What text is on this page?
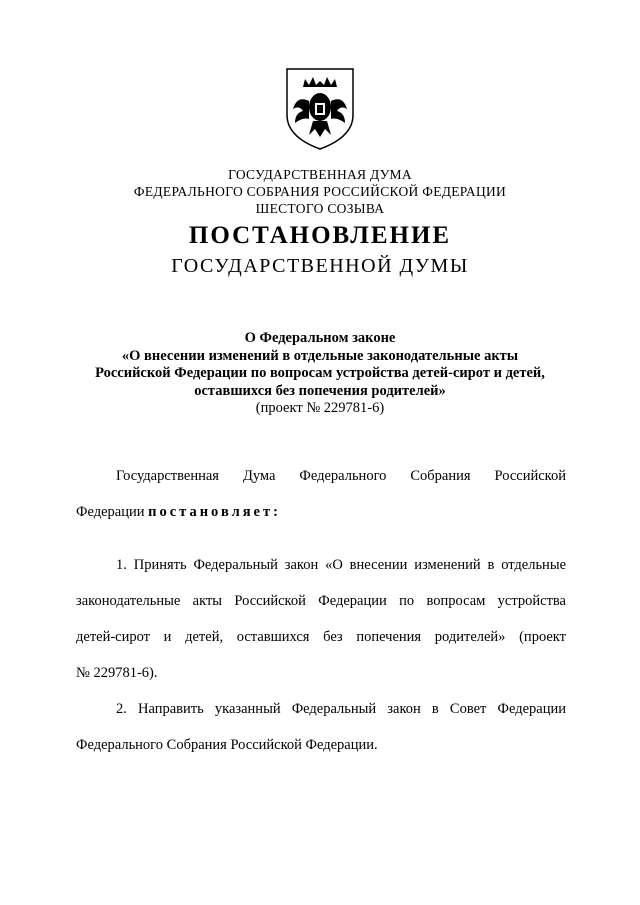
ГОСУДАРСТВЕННАЯ ДУМА
ФЕДЕРАЛЬНОГО СОБРАНИЯ РОССИЙСКОЙ ФЕДЕРАЦИИ
ШЕСТОГО СОЗЫВА
ПОСТАНОВЛЕНИЕ
ГОСУДАРСТВЕННОЙ ДУМЫ
О Федеральном законе
«О внесении изменений в отдельные законодательные акты
Российской Федерации по вопросам устройства детей-сирот и детей,
оставшихся без попечения родителей»
(проект № 229781-6)
Государственная Дума Федерального Собрания Российской
Федерации постановляет:
1. Принять Федеральный закон «О внесении изменений в отдельные
законодательные акты Российской Федерации по вопросам устройства
детей-сирот и детей, оставшихся без попечения родителей» (проект
№ 229781-6).
2. Направить указанный Федеральный закон в Совет Федерации
Федерального Собрания Российской Федерации.
